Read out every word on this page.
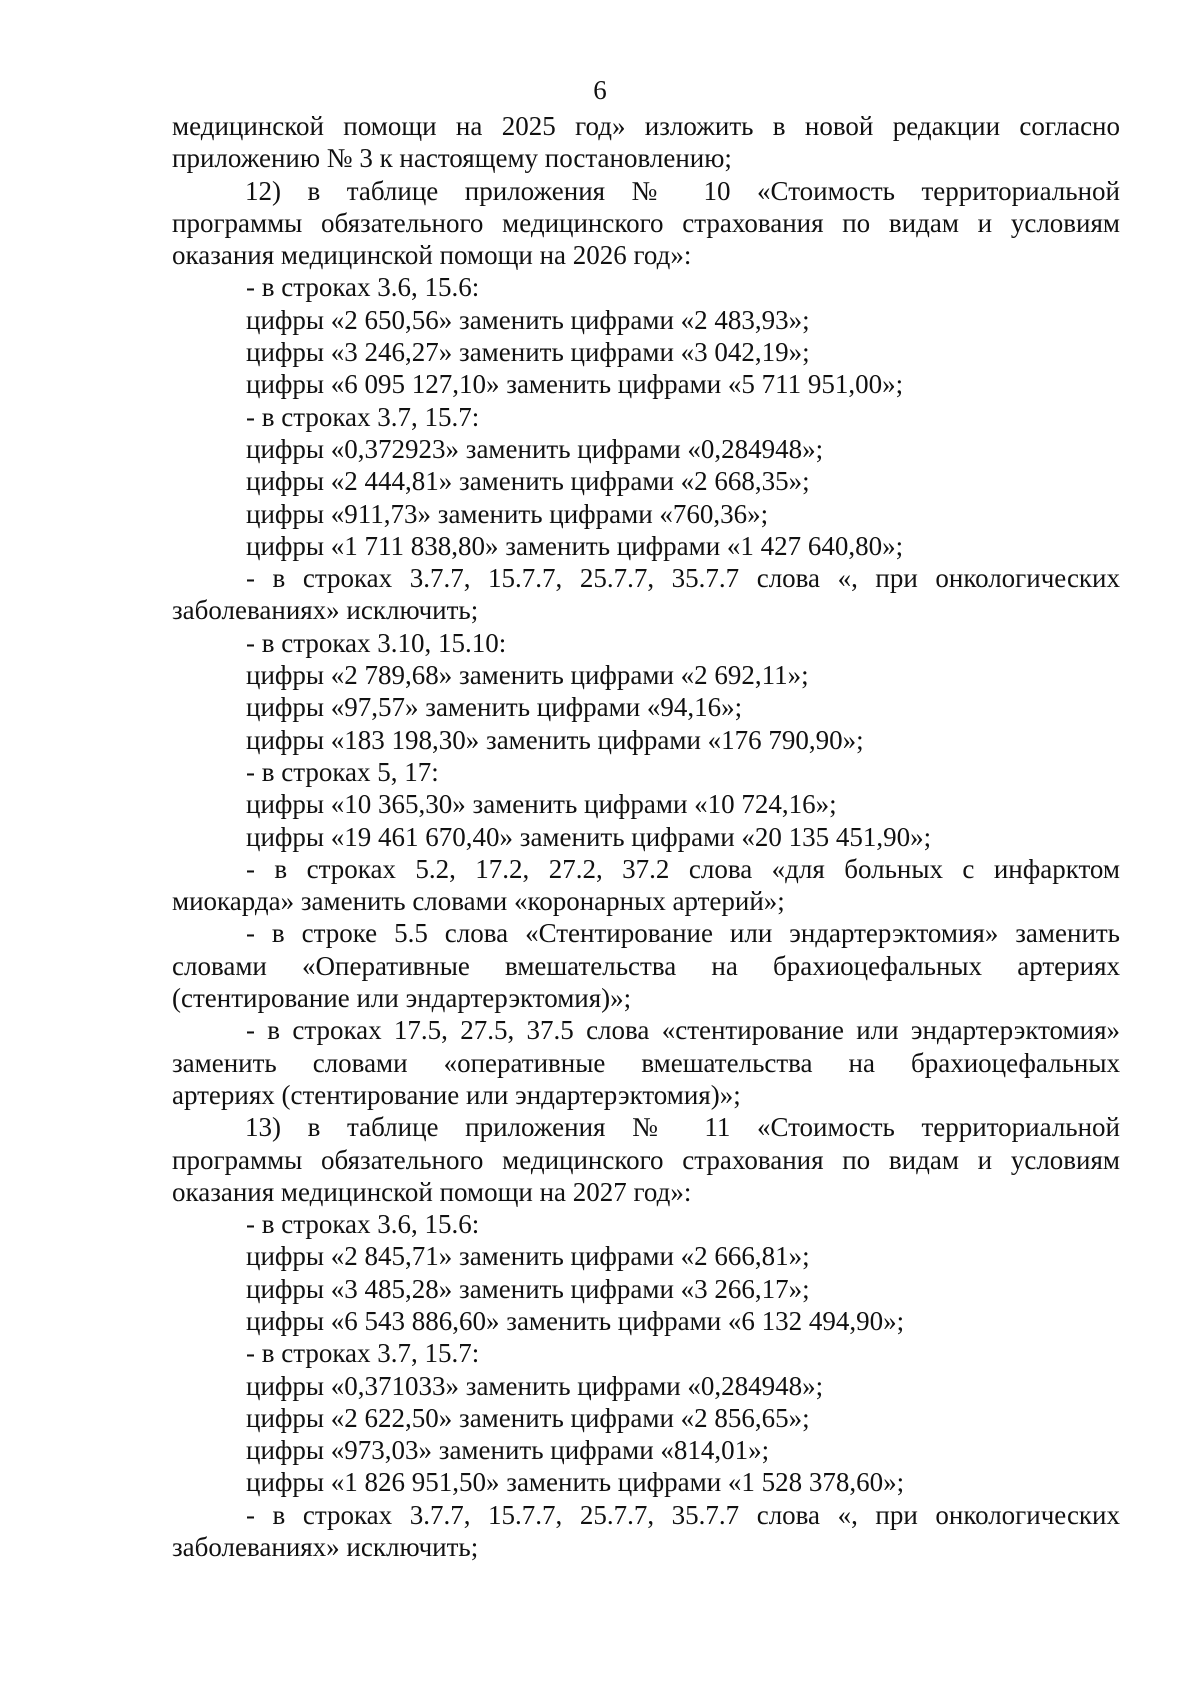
6
медицинской помощи на 2025 год» изложить в новой редакции согласно
приложению № 3 к настоящему постановлению;
12) в таблице приложения № 10 «Стоимость территориальной
программы обязательного медицинского страхования по видам и условиям
оказания медицинской помощи на 2026 год»:
- в строках 3.6, 15.6:
цифры «2 650,56» заменить цифрами «2 483,93»;
цифры «3 246,27» заменить цифрами «3 042,19»;
цифры «6 095 127,10» заменить цифрами «5 711 951,00»;
- в строках 3.7, 15.7:
цифры «0,372923» заменить цифрами «0,284948»;
цифры «2 444,81» заменить цифрами «2 668,35»;
цифры «911,73» заменить цифрами «760,36»;
цифры «1 711 838,80» заменить цифрами «1 427 640,80»;
- в строках 3.7.7, 15.7.7, 25.7.7, 35.7.7 слова «, при онкологических
заболеваниях» исключить;
- в строках 3.10, 15.10:
цифры «2 789,68» заменить цифрами «2 692,11»;
цифры «97,57» заменить цифрами «94,16»;
цифры «183 198,30» заменить цифрами «176 790,90»;
- в строках 5, 17:
цифры «10 365,30» заменить цифрами «10 724,16»;
цифры «19 461 670,40» заменить цифрами «20 135 451,90»;
- в строках 5.2, 17.2, 27.2, 37.2 слова «для больных с инфарктом
миокарда» заменить словами «коронарных артерий»;
- в строке 5.5 слова «Стентирование или эндартерэктомия» заменить
словами «Оперативные вмешательства на брахиоцефальных артериях
(стентирование или эндартерэктомия)»;
- в строках 17.5, 27.5, 37.5 слова «стентирование или эндартерэктомия»
заменить словами «оперативные вмешательства на брахиоцефальных
артериях (стентирование или эндартерэктомия)»;
13) в таблице приложения № 11 «Стоимость территориальной
программы обязательного медицинского страхования по видам и условиям
оказания медицинской помощи на 2027 год»:
- в строках 3.6, 15.6:
цифры «2 845,71» заменить цифрами «2 666,81»;
цифры «3 485,28» заменить цифрами «3 266,17»;
цифры «6 543 886,60» заменить цифрами «6 132 494,90»;
- в строках 3.7, 15.7:
цифры «0,371033» заменить цифрами «0,284948»;
цифры «2 622,50» заменить цифрами «2 856,65»;
цифры «973,03» заменить цифрами «814,01»;
цифры «1 826 951,50» заменить цифрами «1 528 378,60»;
- в строках 3.7.7, 15.7.7, 25.7.7, 35.7.7 слова «, при онкологических
заболеваниях» исключить;
